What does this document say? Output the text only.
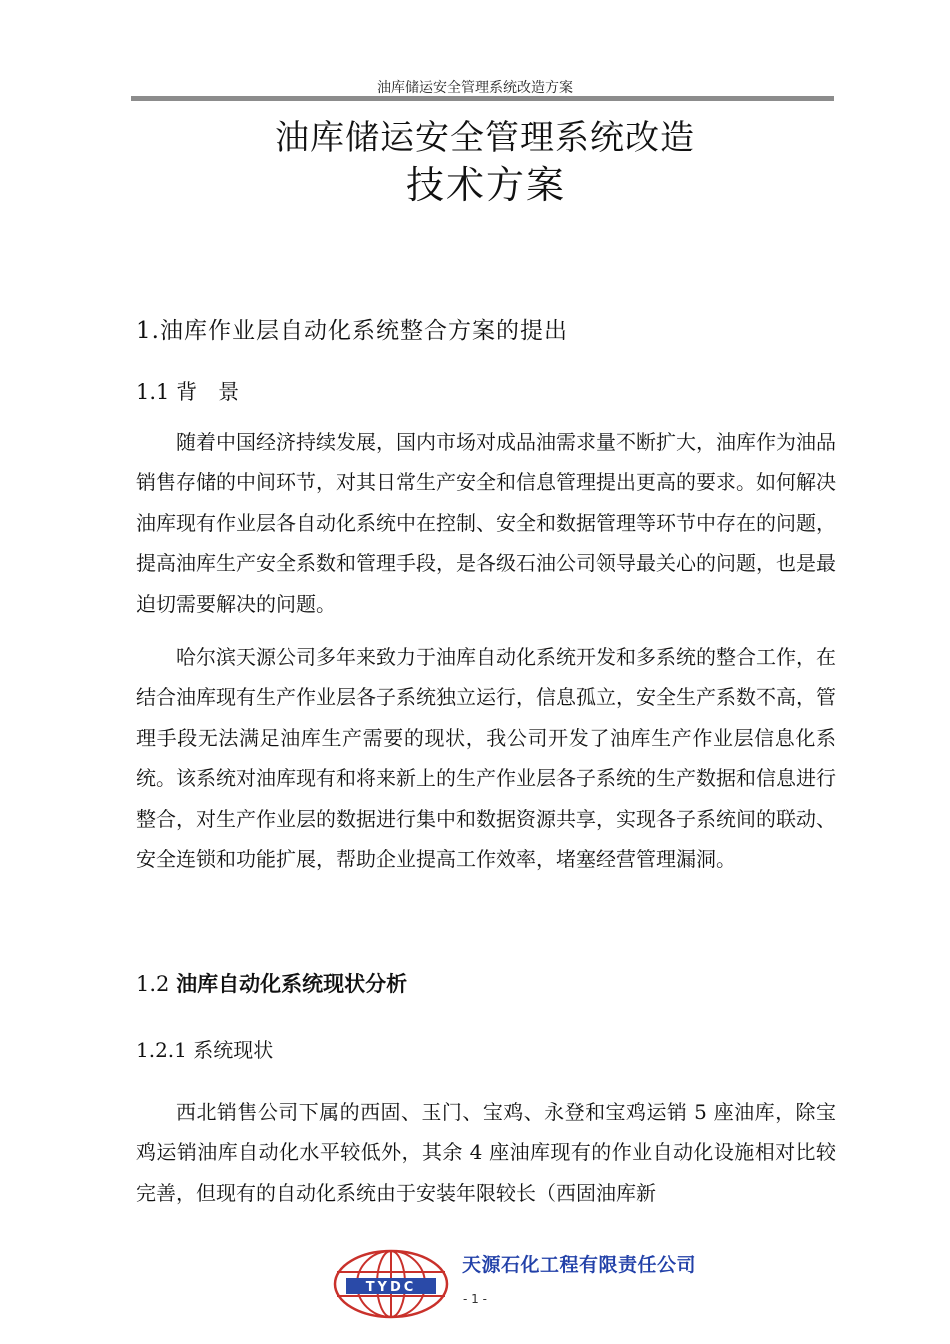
油库储运安全管理系统改造方案
油库储运安全管理系统改造
技术方案
1.油库作业层自动化系统整合方案的提出
1.1 背　景
随着中国经济持续发展，国内市场对成品油需求量不断扩大，油库作为油品销售存储的中间环节，对其日常生产安全和信息管理提出更高的要求。如何解决油库现有作业层各自动化系统中在控制、安全和数据管理等环节中存在的问题，提高油库生产安全系数和管理手段，是各级石油公司领导最关心的问题，也是最迫切需要解决的问题。
哈尔滨天源公司多年来致力于油库自动化系统开发和多系统的整合工作，在结合油库现有生产作业层各子系统独立运行，信息孤立，安全生产系数不高，管理手段无法满足油库生产需要的现状，我公司开发了油库生产作业层信息化系统。该系统对油库现有和将来新上的生产作业层各子系统的生产数据和信息进行整合，对生产作业层的数据进行集中和数据资源共享，实现各子系统间的联动、安全连锁和功能扩展，帮助企业提高工作效率，堵塞经营管理漏洞。
1.2 油库自动化系统现状分析
1.2.1 系统现状
西北销售公司下属的西固、玉门、宝鸡、永登和宝鸡运销 5 座油库，除宝鸡运销油库自动化水平较低外，其余 4 座油库现有的作业自动化设施相对比较完善，但现有的自动化系统由于安装年限较长（西固油库新
TYDC
天源石化工程有限责任公司
- 1 -
